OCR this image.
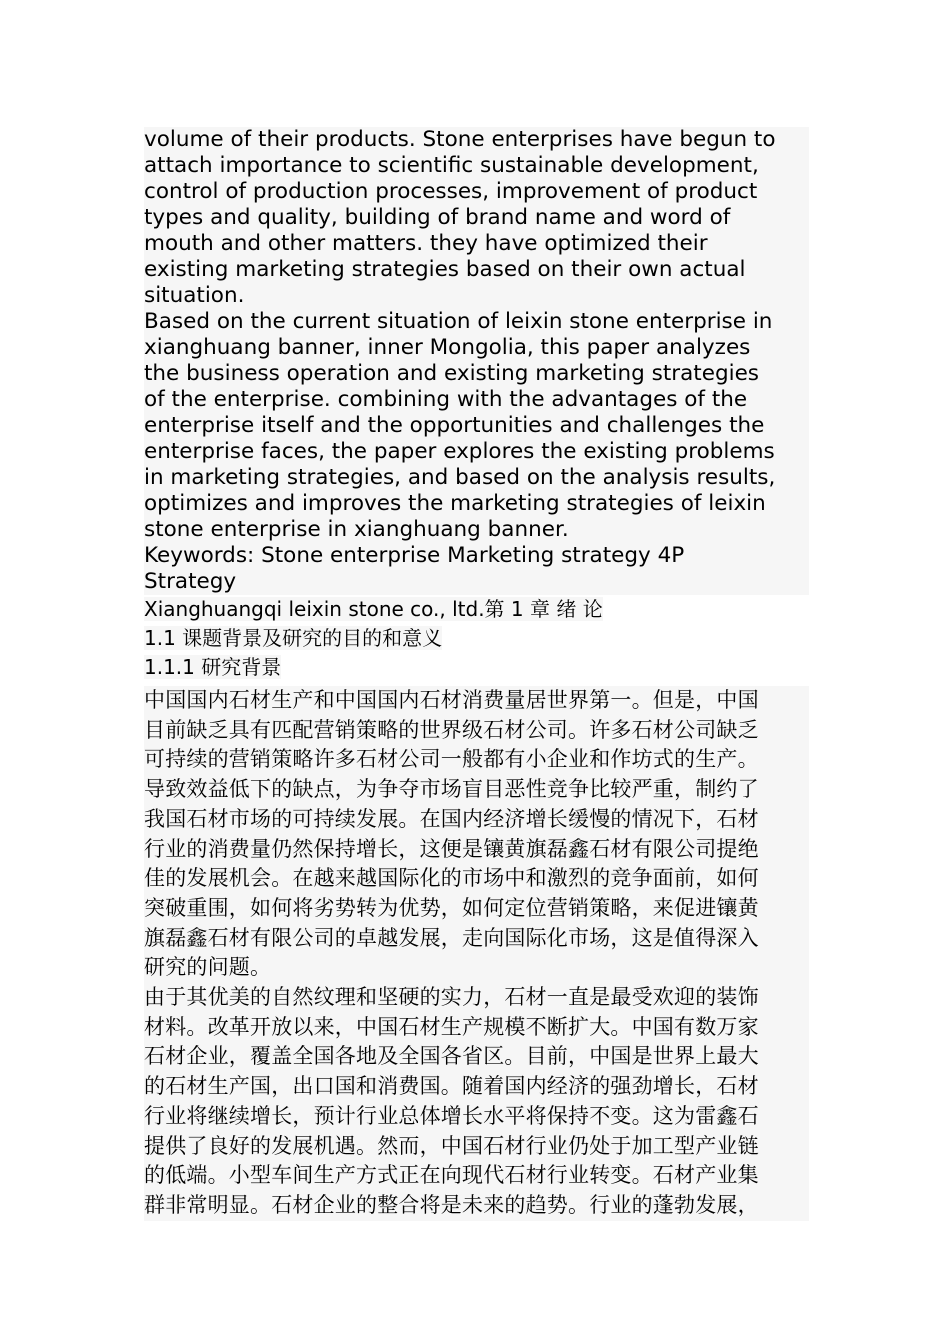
volume of their products. Stone enterprises have begun to
attach importance to scientific sustainable development,
control of production processes, improvement of product
types and quality, building of brand name and word of
mouth and other matters. they have optimized their
existing marketing strategies based on their own actual
situation.

Based on the current situation of leixin stone enterprise in
xianghuang banner, inner Mongolia, this paper analyzes
the business operation and existing marketing strategies
of the enterprise. combining with the advantages of the
enterprise itself and the opportunities and challenges the
enterprise faces, the paper explores the existing problems
in marketing strategies, and based on the analysis results,
optimizes and improves the marketing strategies of leixin
stone enterprise in xianghuang banner.

Keywords: Stone enterprise Marketing strategy 4P
Strategy

Xianghuangqi leixin stone co., ltd.第 1 章 绪 论

1.1 课题背景及研究的目的和意义

1.1.1 研究背景

中国国内石材生产和中国国内石材消费量居世界第一。但是，中国
目前缺乏具有匹配营销策略的世界级石材公司。许多石材公司缺乏
可持续的营销策略许多石材公司一般都有小企业和作坊式的生产。
导致效益低下的缺点，为争夺市场盲目恶性竞争比较严重，制约了
我国石材市场的可持续发展。在国内经济增长缓慢的情况下，石材
行业的消费量仍然保持增长，这便是镶黄旗磊鑫石材有限公司提绝
佳的发展机会。在越来越国际化的市场中和激烈的竞争面前，如何
突破重围，如何将劣势转为优势，如何定位营销策略，来促进镶黄
旗磊鑫石材有限公司的卓越发展，走向国际化市场，这是值得深入
研究的问题。

由于其优美的自然纹理和坚硬的实力，石材一直是最受欢迎的装饰
材料。改革开放以来，中国石材生产规模不断扩大。中国有数万家
石材企业，覆盖全国各地及全国各省区。目前，中国是世界上最大
的石材生产国，出口国和消费国。随着国内经济的强劲增长，石材
行业将继续增长，预计行业总体增长水平将保持不变。这为雷鑫石
提供了良好的发展机遇。然而，中国石材行业仍处于加工型产业链
的低端。小型车间生产方式正在向现代石材行业转变。石材产业集
群非常明显。石材企业的整合将是未来的趋势。行业的蓬勃发展，
